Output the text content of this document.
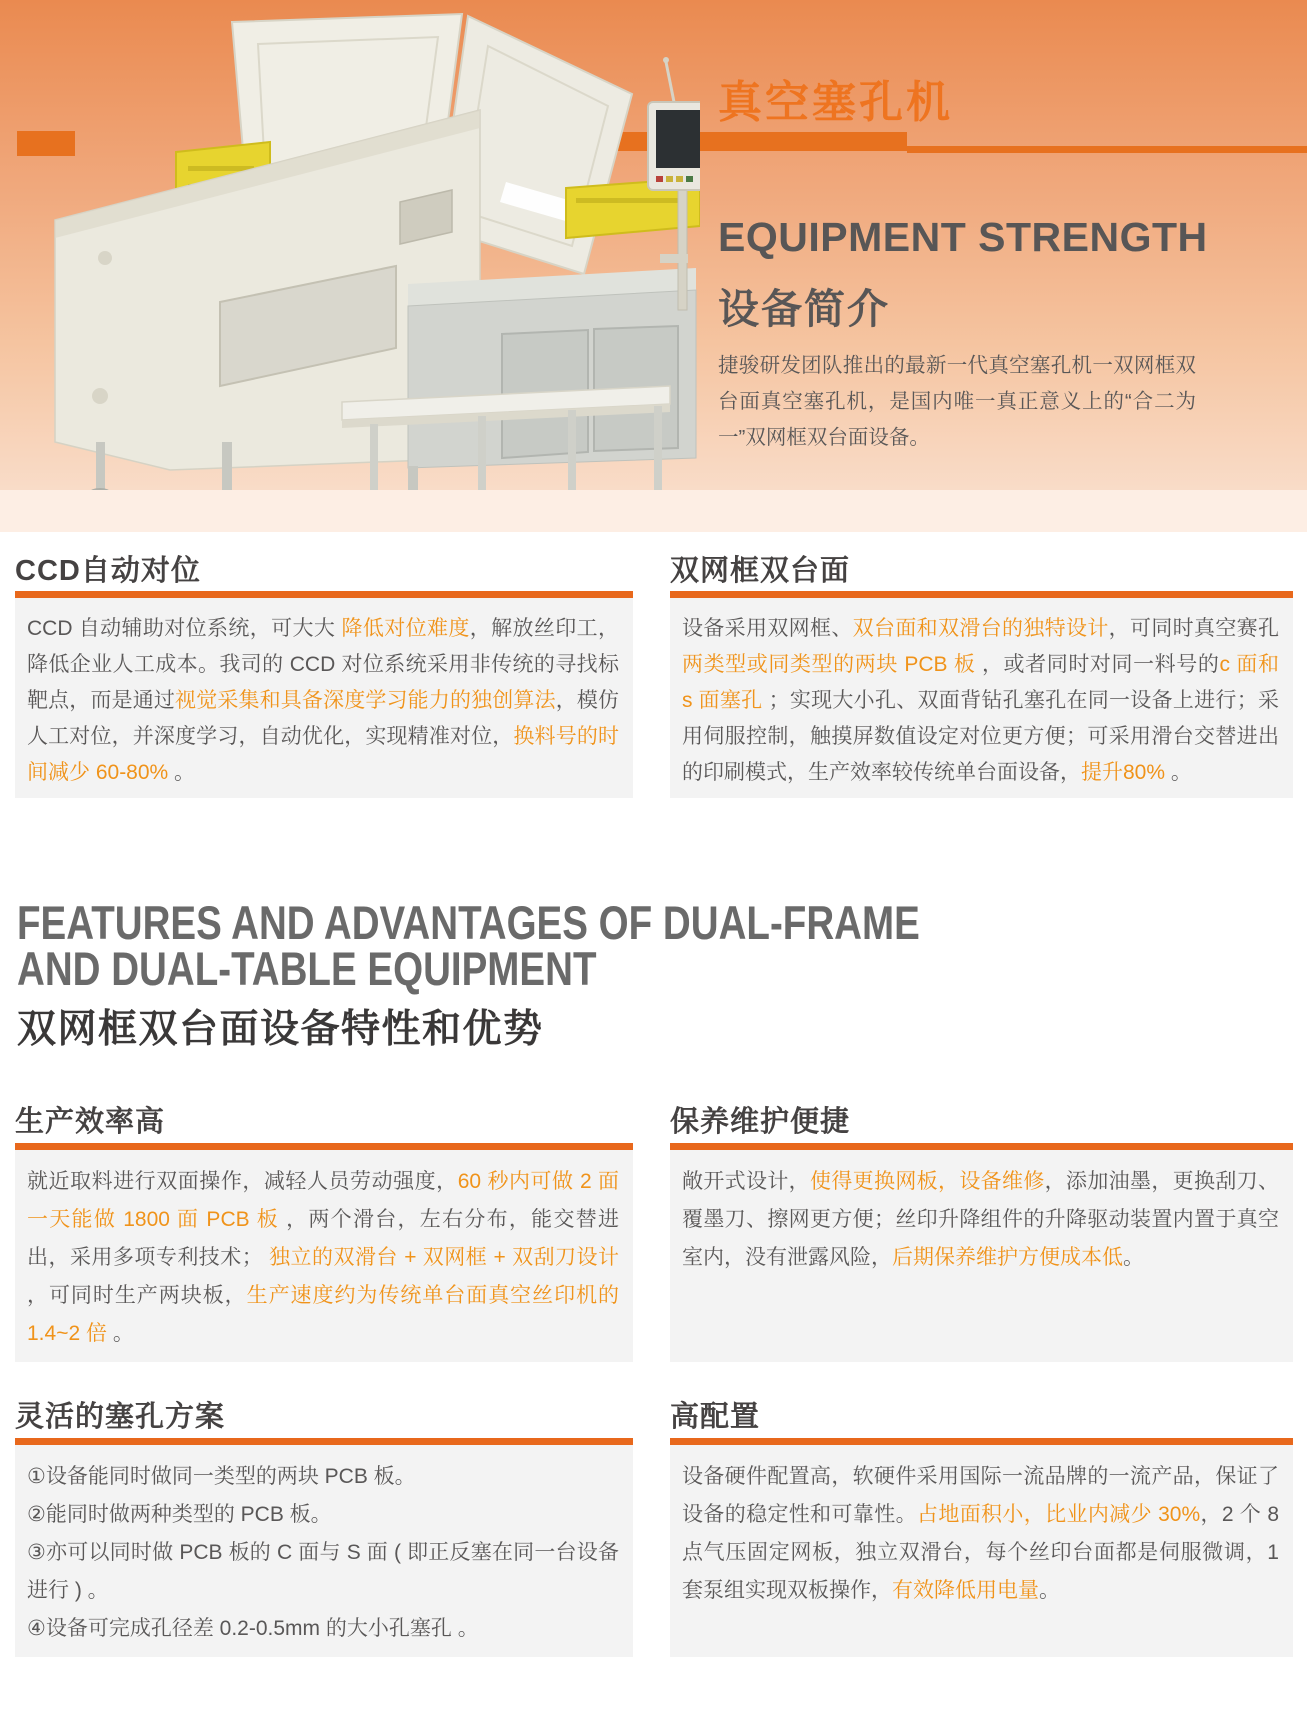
真空塞孔机
EQUIPMENT STRENGTH
设备简介
捷骏研发团队推出的最新一代真空塞孔机一双网框双台面真空塞孔机，是国内唯一真正意义上的“合二为一”双网框双台面设备。
CCD自动对位
CCD 自动辅助对位系统，可大大 降低对位难度，解放丝印工，降低企业人工成本。我司的 CCD 对位系统采用非传统的寻找标靶点，而是通过视觉采集和具备深度学习能力的独创算法，模仿人工对位，并深度学习，自动优化，实现精准对位，换料号的时间减少 60-80% 。
双网框双台面
设备采用双网框、双台面和双滑台的独特设计，可同时真空赛孔两类型或同类型的两块 PCB 板 ，或者同时对同一料号的c 面和 s 面塞孔 ；实现大小孔、双面背钻孔塞孔在同一设备上进行；采用伺服控制，触摸屏数值设定对位更方便；可采用滑台交替进出的印刷模式，生产效率较传统单台面设备，提升80% 。
FEATURES AND ADVANTAGES OF DUAL-FRAME
AND DUAL-TABLE EQUIPMENT
双网框双台面设备特性和优势
生产效率高
就近取料进行双面操作，减轻人员劳动强度，60 秒内可做 2 面 一天能做 1800 面 PCB 板 ，两个滑台，左右分布，能交替进出，采用多项专利技术； 独立的双滑台 + 双网框 + 双刮刀设计 ，可同时生产两块板，生产速度约为传统单台面真空丝印机的 1.4~2 倍 。
保养维护便捷
敞开式设计，使得更换网板，设备维修，添加油墨，更换刮刀、覆墨刀、擦网更方便；丝印升降组件的升降驱动装置内置于真空室内，没有泄露风险，后期保养维护方便成本低。
灵活的塞孔方案

①设备能同时做同一类型的两块 PCB 板。

②能同时做两种类型的 PCB 板。

③亦可以同时做 PCB 板的 C 面与 S 面 ( 即正反塞在同一台设备进行 ) 。

④设备可完成孔径差 0.2-0.5mm 的大小孔塞孔 。

高配置
设备硬件配置高，软硬件采用国际一流品牌的一流产品，保证了设备的稳定性和可靠性。占地面积小，比业内减少 30%，2 个 8 点气压固定网板，独立双滑台，每个丝印台面都是伺服微调，1 套泵组实现双板操作，有效降低用电量。
